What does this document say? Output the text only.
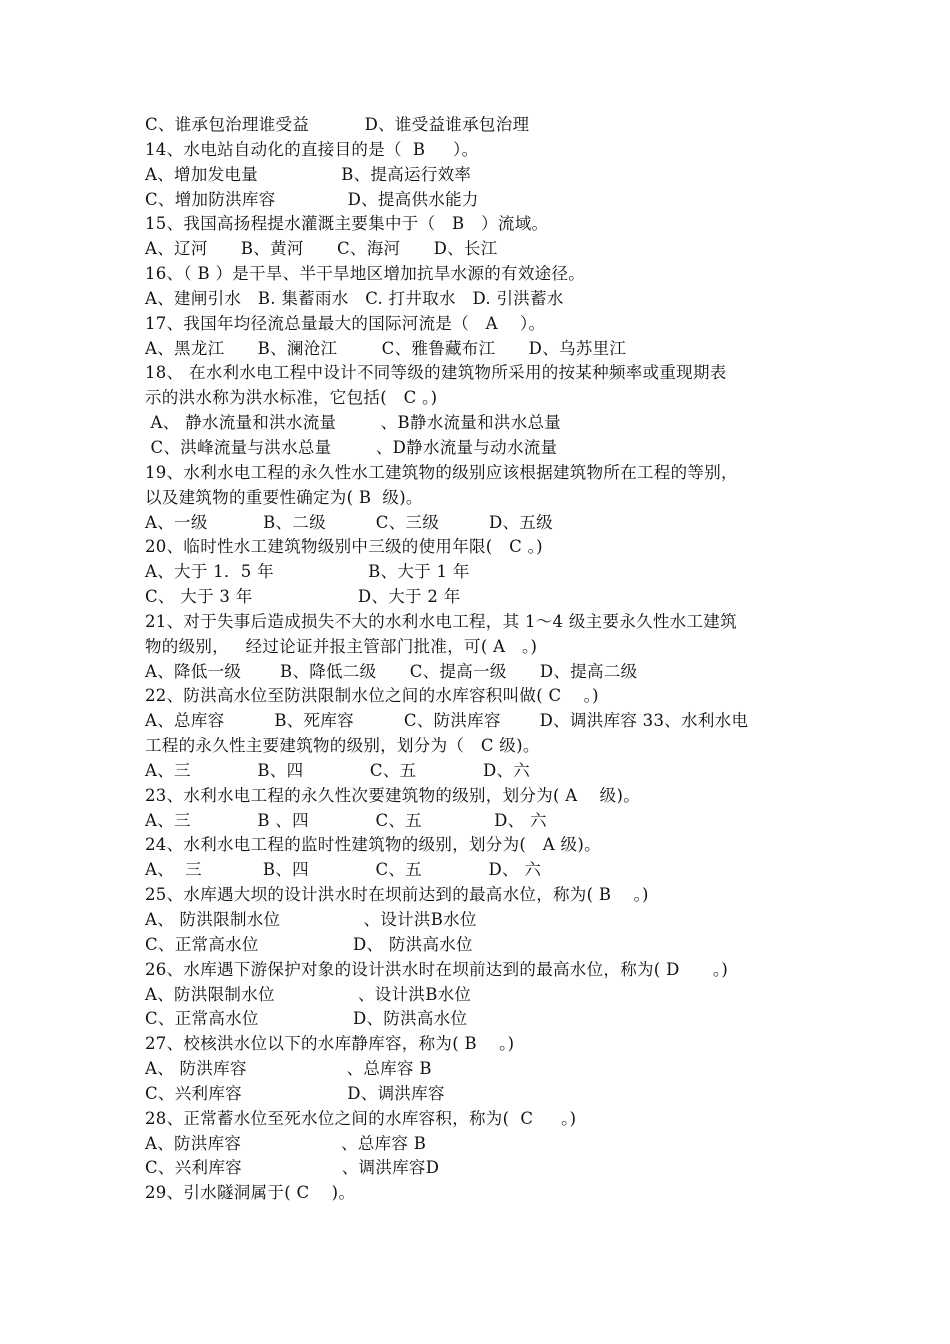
C、谁承包治理谁受益          D、谁受益谁承包治理
14、水电站自动化的直接目的是（  B     ）。
A、增加发电量               B、提高运行效率
C、增加防洪库容             D、提高供水能力
15、我国高扬程提水灌溉主要集中于（   B   ）流域。
A、辽河      B、黄河      C、海河      D、长江
16、（ B ）是干旱、半干旱地区增加抗旱水源的有效途径。
A、建闸引水   B. 集蓄雨水   C. 打井取水   D. 引洪蓄水
17、我国年均径流总量最大的国际河流是（   A    ）。
A、黑龙江      B、澜沧江        C、雅鲁藏布江      D、乌苏里江
18、 在水利水电工程中设计不同等级的建筑物所采用的按某种频率或重现期表
示的洪水称为洪水标准，它包括(   C 。)
A、 静水流量和洪水流量        、B静水流量和洪水总量
C、洪峰流量与洪水总量        、D静水流量与动水流量
19、水利水电工程的永久性水工建筑物的级别应该根据建筑物所在工程的等别，
以及建筑物的重要性确定为( B  级)。
A、一级          B、二级         C、三级         D、五级
20、临时性水工建筑物级别中三级的使用年限(   C 。)
A、大于 1．5 年                 B、大于 1 年
C、 大于 3 年                   D、大于 2 年
21、对于失事后造成损失不大的水利水电工程，其 1～4 级主要永久性水工建筑
物的级别，   经过论证并报主管部门批准，可( A   。)
A、降低一级       B、降低二级      C、提高一级      D、提高二级
22、防洪高水位至防洪限制水位之间的水库容积叫做( C    。)
A、总库容         B、死库容         C、防洪库容       D、调洪库容 33、水利水电
工程的永久性主要建筑物的级别，划分为（   C 级)。
A、三            B、四            C、五            D、六
23、水利水电工程的永久性次要建筑物的级别，划分为( A    级)。
A、三            B 、四            C、五             D、 六
24、水利水电工程的监时性建筑物的级别，划分为(   A 级)。
A、  三           B、四            C、五            D、 六
25、水库遇大坝的设计洪水时在坝前达到的最高水位，称为( B    。)
A、 防洪限制水位               、设计洪B水位
C、正常高水位                 D、 防洪高水位
26、水库遇下游保护对象的设计洪水时在坝前达到的最高水位，称为( D      。)
A、防洪限制水位               、设计洪B水位
C、正常高水位                 D、防洪高水位
27、校核洪水位以下的水库静库容，称为( B    。)
A、 防洪库容                  、总库容 B
C、兴利库容                   D、调洪库容
28、正常蓄水位至死水位之间的水库容积，称为(  C     。)
A、防洪库容                  、总库容 B
C、兴利库容                  、调洪库容D
29、引水隧洞属于( C    )。
